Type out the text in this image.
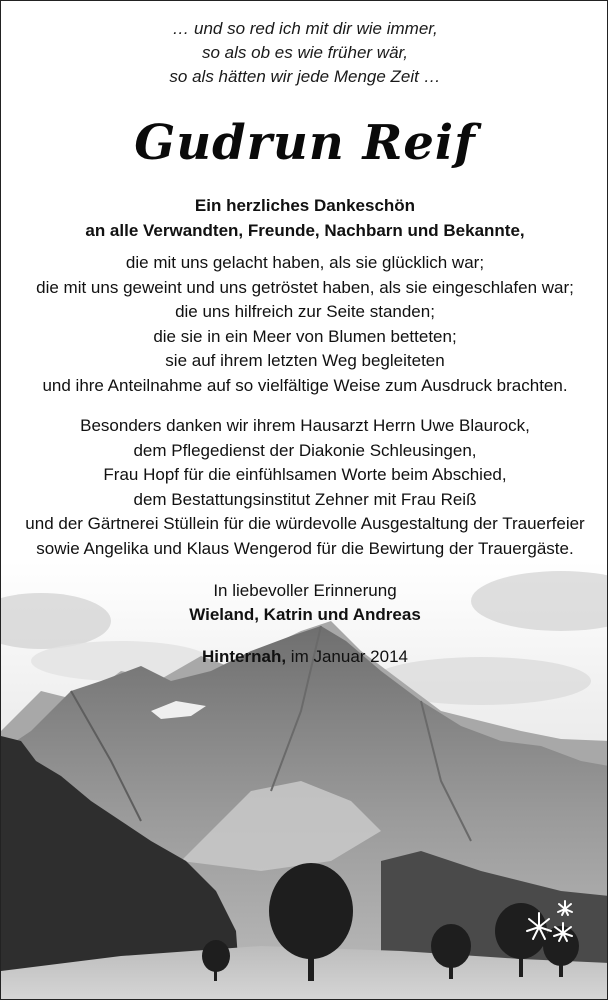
… und so red ich mit dir wie immer,
so als ob es wie früher wär,
so als hätten wir jede Menge Zeit …
Gudrun Reif
Ein herzliches Dankeschön
an alle Verwandten, Freunde, Nachbarn und Bekannte,
die mit uns gelacht haben, als sie glücklich war;
die mit uns geweint und uns getröstet haben, als sie eingeschlafen war;
die uns hilfreich zur Seite standen;
die sie in ein Meer von Blumen betteten;
sie auf ihrem letzten Weg begleiteten
und ihre Anteilnahme auf so vielfältige Weise zum Ausdruck brachten.
Besonders danken wir ihrem Hausarzt Herrn Uwe Blaurock,
dem Pflegedienst der Diakonie Schleusingen,
Frau Hopf für die einfühlsamen Worte beim Abschied,
dem Bestattungsinstitut Zehner mit Frau Reiß
und der Gärtnerei Stüllein für die würdevolle Ausgestaltung der Trauerfeier
sowie Angelika und Klaus Wengerod für die Bewirtung der Trauergäste.
In liebevoller Erinnerung
Wieland, Katrin und Andreas
Hinternah, im Januar 2014
